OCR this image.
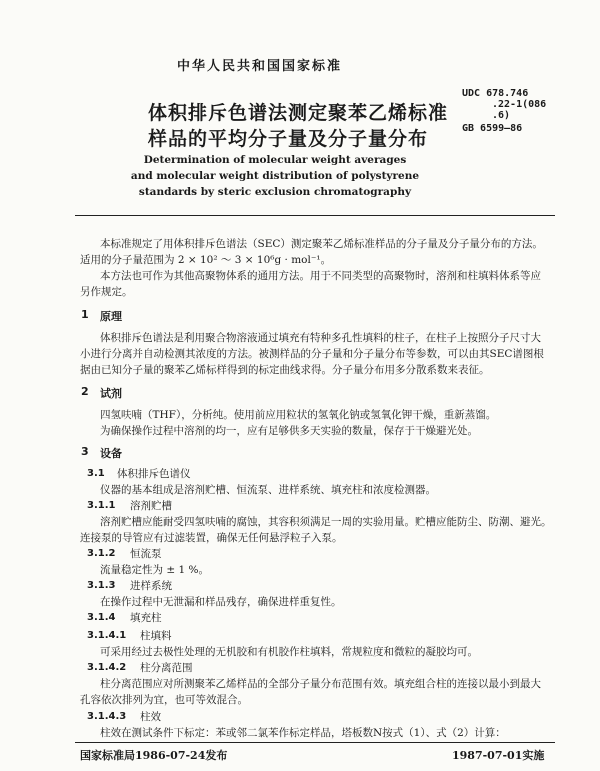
中华人民共和国国家标准
体积排斥色谱法测定聚苯乙烯标准
样品的平均分子量及分子量分布
UDC 678.746
.22-1(086
.6)
GB 6599—86
Determination of molecular weight averages
and molecular weight distribution of polystyrene
standards by steric exclusion chromatography
本标准规定了用体积排斥色谱法（SEC）测定聚苯乙烯标准样品的分子量及分子量分布的方法。
适用的分子量范围为 2 × 10² ～ 3 × 10⁶g · mol⁻¹。
本方法也可作为其他高聚物体系的通用方法。用于不同类型的高聚物时，溶剂和柱填料体系等应
另作规定。
1 原理
体积排斥色谱法是利用聚合物溶液通过填充有特种多孔性填料的柱子，在柱子上按照分子尺寸大
小进行分离并自动检测其浓度的方法。被测样品的分子量和分子量分布等参数，可以由其SEC谱图根
据由已知分子量的聚苯乙烯标样得到的标定曲线求得。分子量分布用多分散系数来表征。
2 试剂
四氢呋喃（THF），分析纯。使用前应用粒状的氢氧化钠或氢氧化钾干燥，重新蒸馏。
为确保操作过程中溶剂的均一，应有足够供多天实验的数量，保存于干燥避光处。
3 设备
3.1 体积排斥色谱仪
仪器的基本组成是溶剂贮槽、恒流泵、进样系统、填充柱和浓度检测器。
3.1.1 溶剂贮槽
溶剂贮槽应能耐受四氢呋喃的腐蚀，其容积须满足一周的实验用量。贮槽应能防尘、防潮、避光。
连接泵的导管应有过滤装置，确保无任何悬浮粒子入泵。
3.1.2 恒流泵
流量稳定性为 ± 1 %。
3.1.3 进样系统
在操作过程中无泄漏和样品残存，确保进样重复性。
3.1.4 填充柱
3.1.4.1 柱填料
可采用经过去极性处理的无机胶和有机胶作柱填料，常规粒度和微粒的凝胶均可。
3.1.4.2 柱分离范围
柱分离范围应对所测聚苯乙烯样品的全部分子量分布范围有效。填充组合柱的连接以最小到最大
孔容依次排列为宜，也可等效混合。
3.1.4.3 柱效
柱效在测试条件下标定：苯或邻二氯苯作标定样品，塔板数N按式（1）、式（2）计算：
国家标准局1986-07-24发布	1987-07-01实施
